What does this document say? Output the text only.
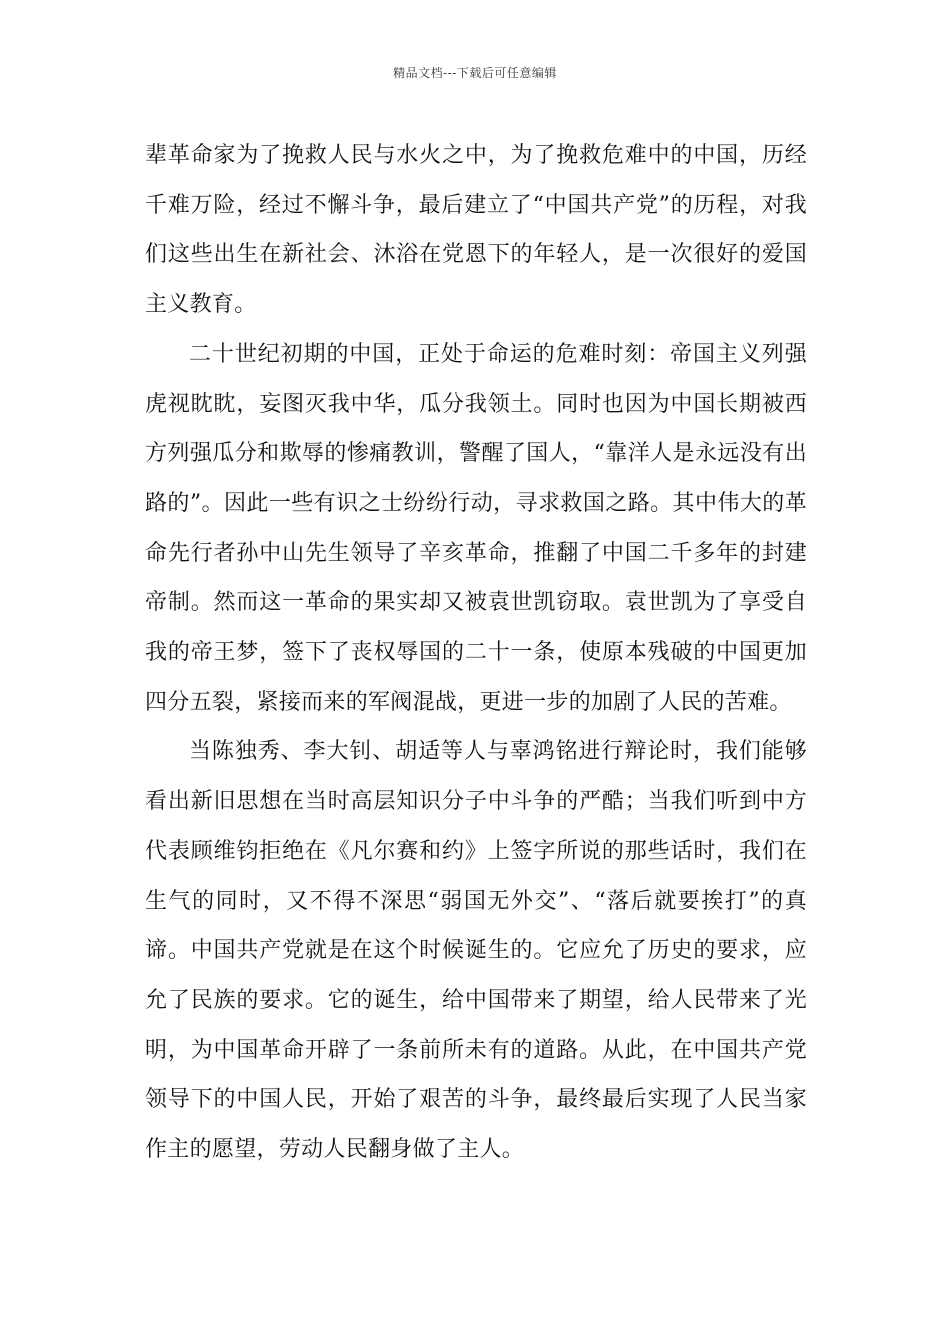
精品文档---下载后可任意编辑

辈革命家为了挽救人民与水火之中，为了挽救危难中的中国，历经千难万险，经过不懈斗争，最后建立了“中国共产党”的历程，对我们这些出生在新社会、沐浴在党恩下的年轻人，是一次很好的爱国主义教育。

二十世纪初期的中国，正处于命运的危难时刻：帝国主义列强虎视眈眈，妄图灭我中华，瓜分我领土。同时也因为中国长期被西方列强瓜分和欺辱的惨痛教训，警醒了国人，“靠洋人是永远没有出路的”。因此一些有识之士纷纷行动，寻求救国之路。其中伟大的革命先行者孙中山先生领导了辛亥革命，推翻了中国二千多年的封建帝制。然而这一革命的果实却又被袁世凯窃取。袁世凯为了享受自我的帝王梦，签下了丧权辱国的二十一条，使原本残破的中国更加四分五裂，紧接而来的军阀混战，更进一步的加剧了人民的苦难。

当陈独秀、李大钊、胡适等人与辜鸿铭进行辩论时，我们能够看出新旧思想在当时高层知识分子中斗争的严酷；当我们听到中方代表顾维钧拒绝在《凡尔赛和约》上签字所说的那些话时，我们在生气的同时，又不得不深思“弱国无外交”、“落后就要挨打”的真谛。中国共产党就是在这个时候诞生的。它应允了历史的要求，应允了民族的要求。它的诞生，给中国带来了期望，给人民带来了光明，为中国革命开辟了一条前所未有的道路。从此，在中国共产党领导下的中国人民，开始了艰苦的斗争，最终最后实现了人民当家作主的愿望，劳动人民翻身做了主人。
